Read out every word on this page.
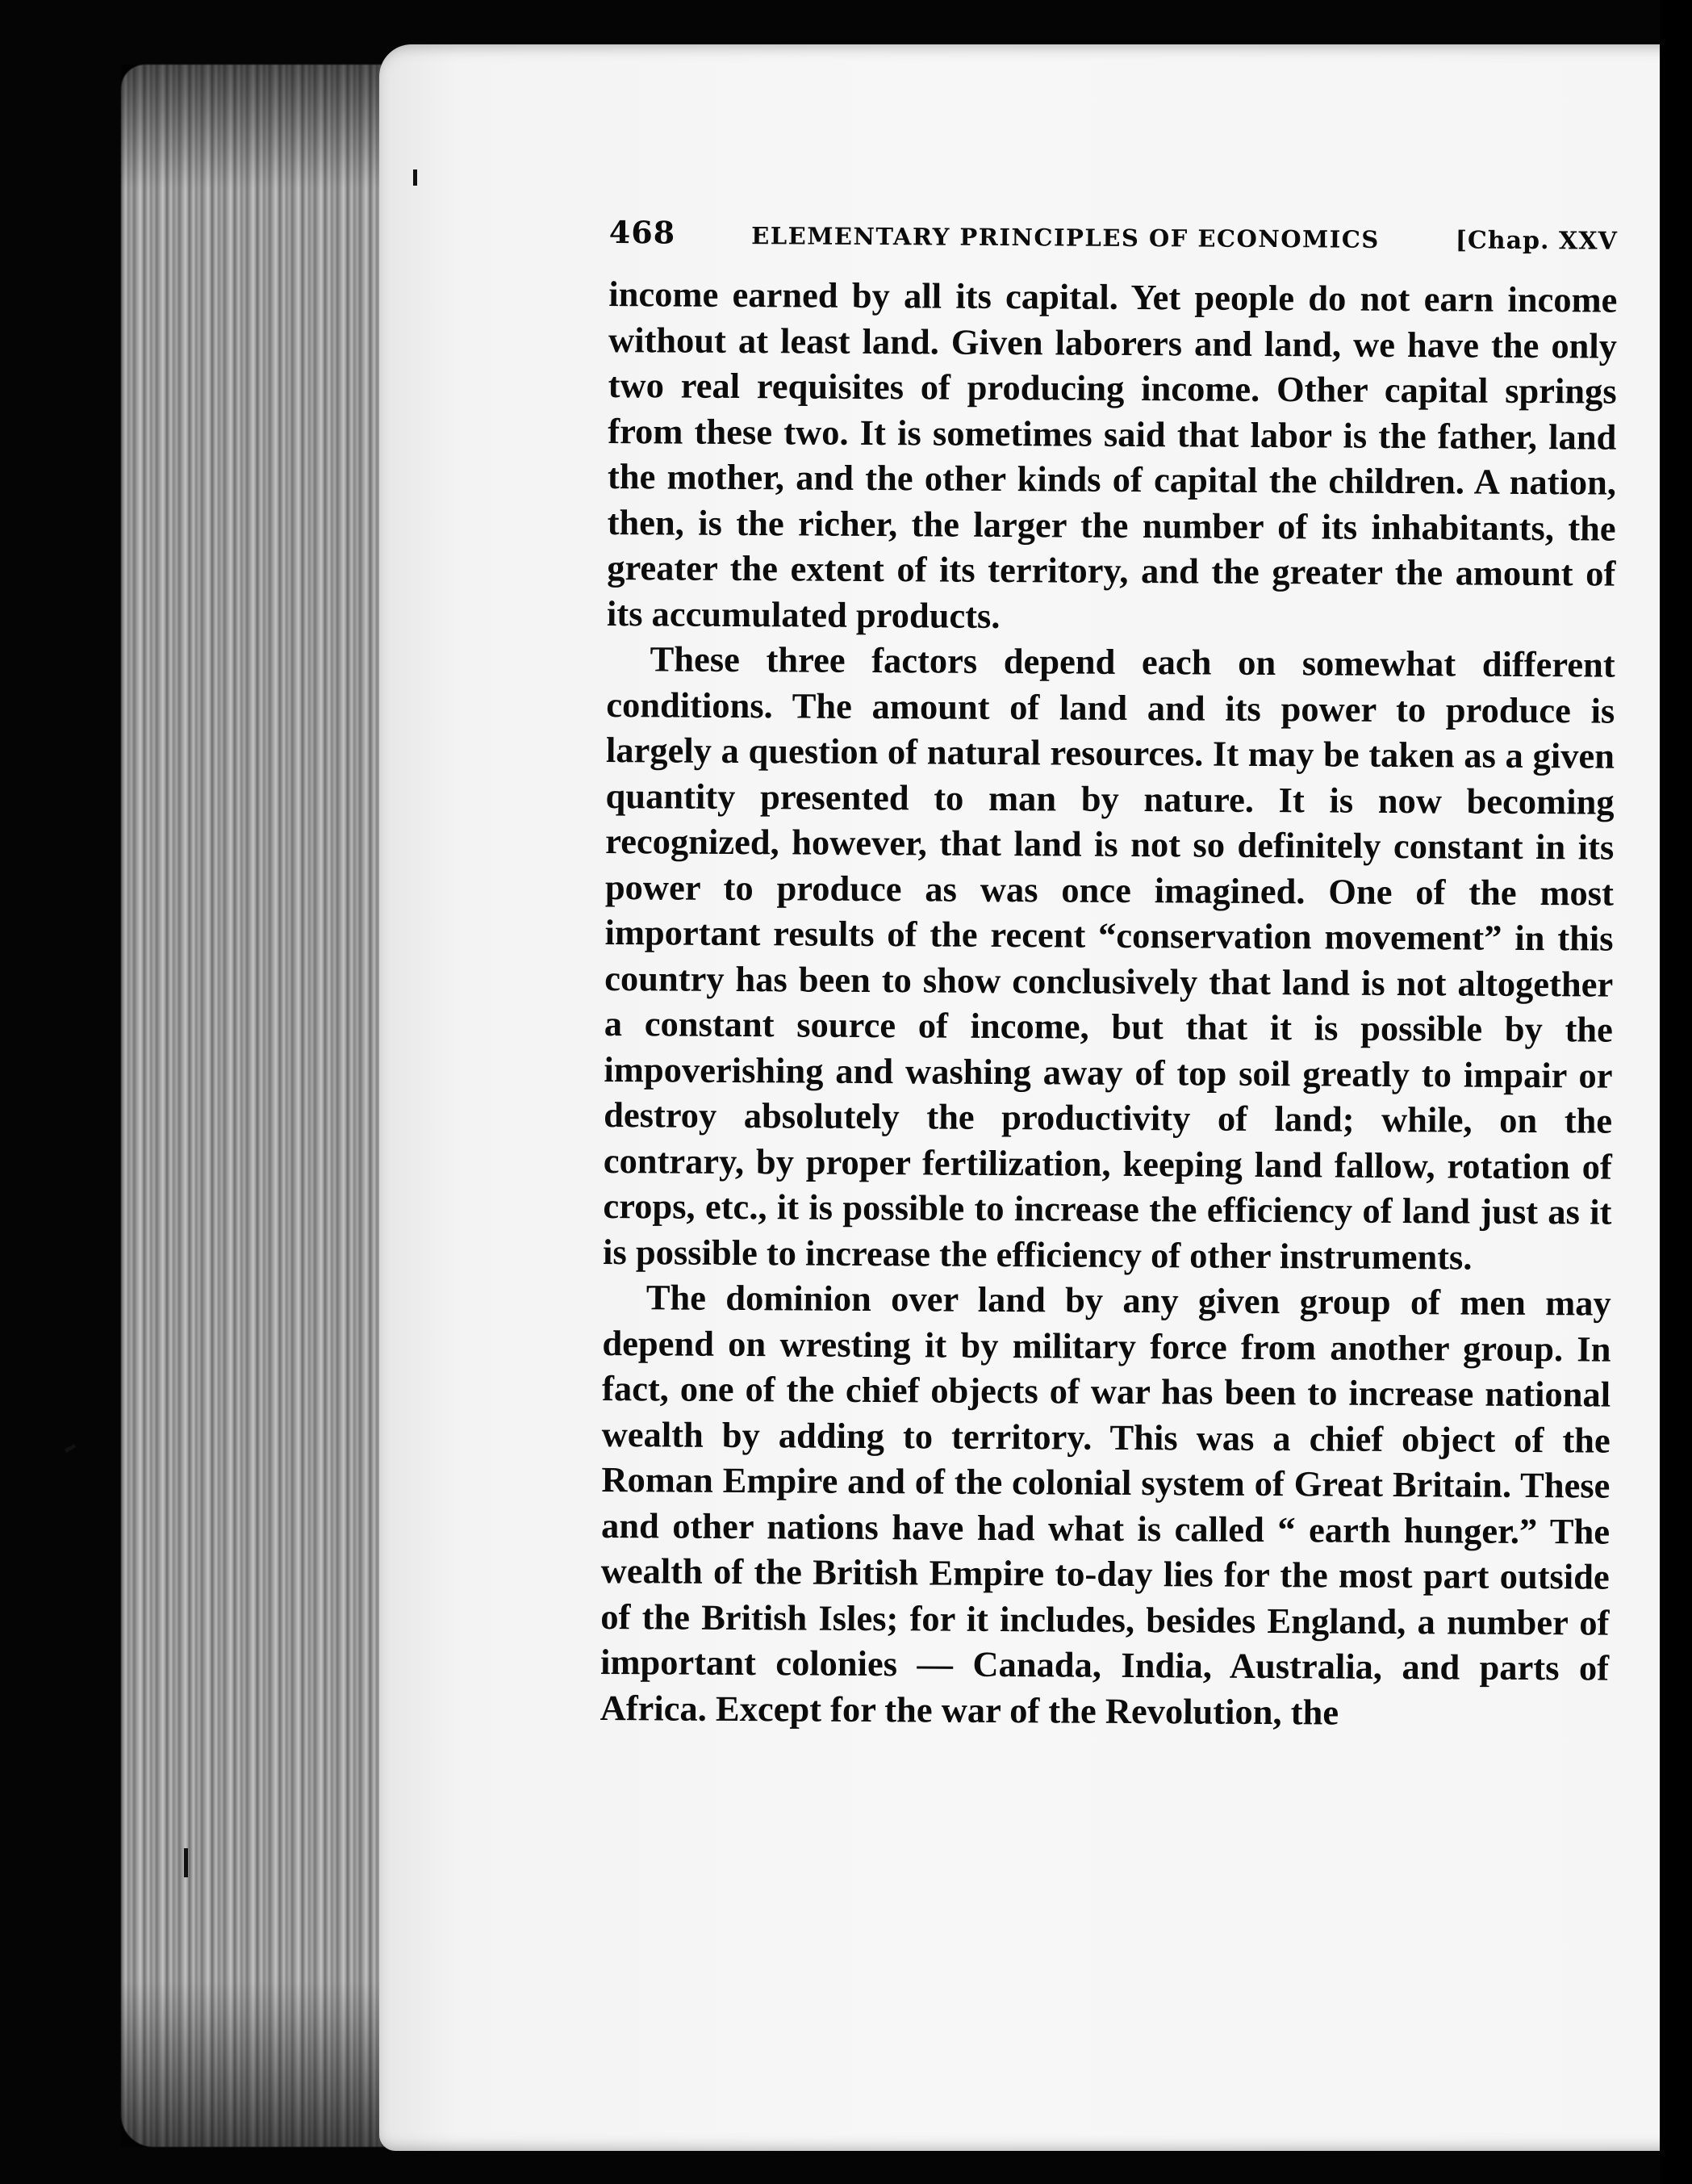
468	ELEMENTARY PRINCIPLES OF ECONOMICS	[Chap. XXV

income earned by all its capital. Yet people do not earn income without at least land. Given laborers and land, we have the only two real requisites of producing income. Other capital springs from these two. It is sometimes said that labor is the father, land the mother, and the other kinds of capital the children. A nation, then, is the richer, the larger the number of its inhabitants, the greater the extent of its territory, and the greater the amount of its accumulated products.

These three factors depend each on somewhat different conditions. The amount of land and its power to produce is largely a question of natural resources. It may be taken as a given quantity presented to man by nature. It is now becoming recognized, however, that land is not so definitely constant in its power to produce as was once imagined. One of the most important results of the recent “conservation movement” in this country has been to show conclusively that land is not altogether a constant source of income, but that it is possible by the impoverishing and washing away of top soil greatly to impair or destroy absolutely the productivity of land; while, on the contrary, by proper fertilization, keeping land fallow, rotation of crops, etc., it is possible to increase the efficiency of land just as it is possible to increase the efficiency of other instruments.

The dominion over land by any given group of men may depend on wresting it by military force from another group. In fact, one of the chief objects of war has been to increase national wealth by adding to territory. This was a chief object of the Roman Empire and of the colonial system of Great Britain. These and other nations have had what is called “ earth hunger.” The wealth of the British Empire to-day lies for the most part outside of the British Isles; for it includes, besides England, a number of important colonies — Canada, India, Australia, and parts of Africa. Except for the war of the Revolution, the
